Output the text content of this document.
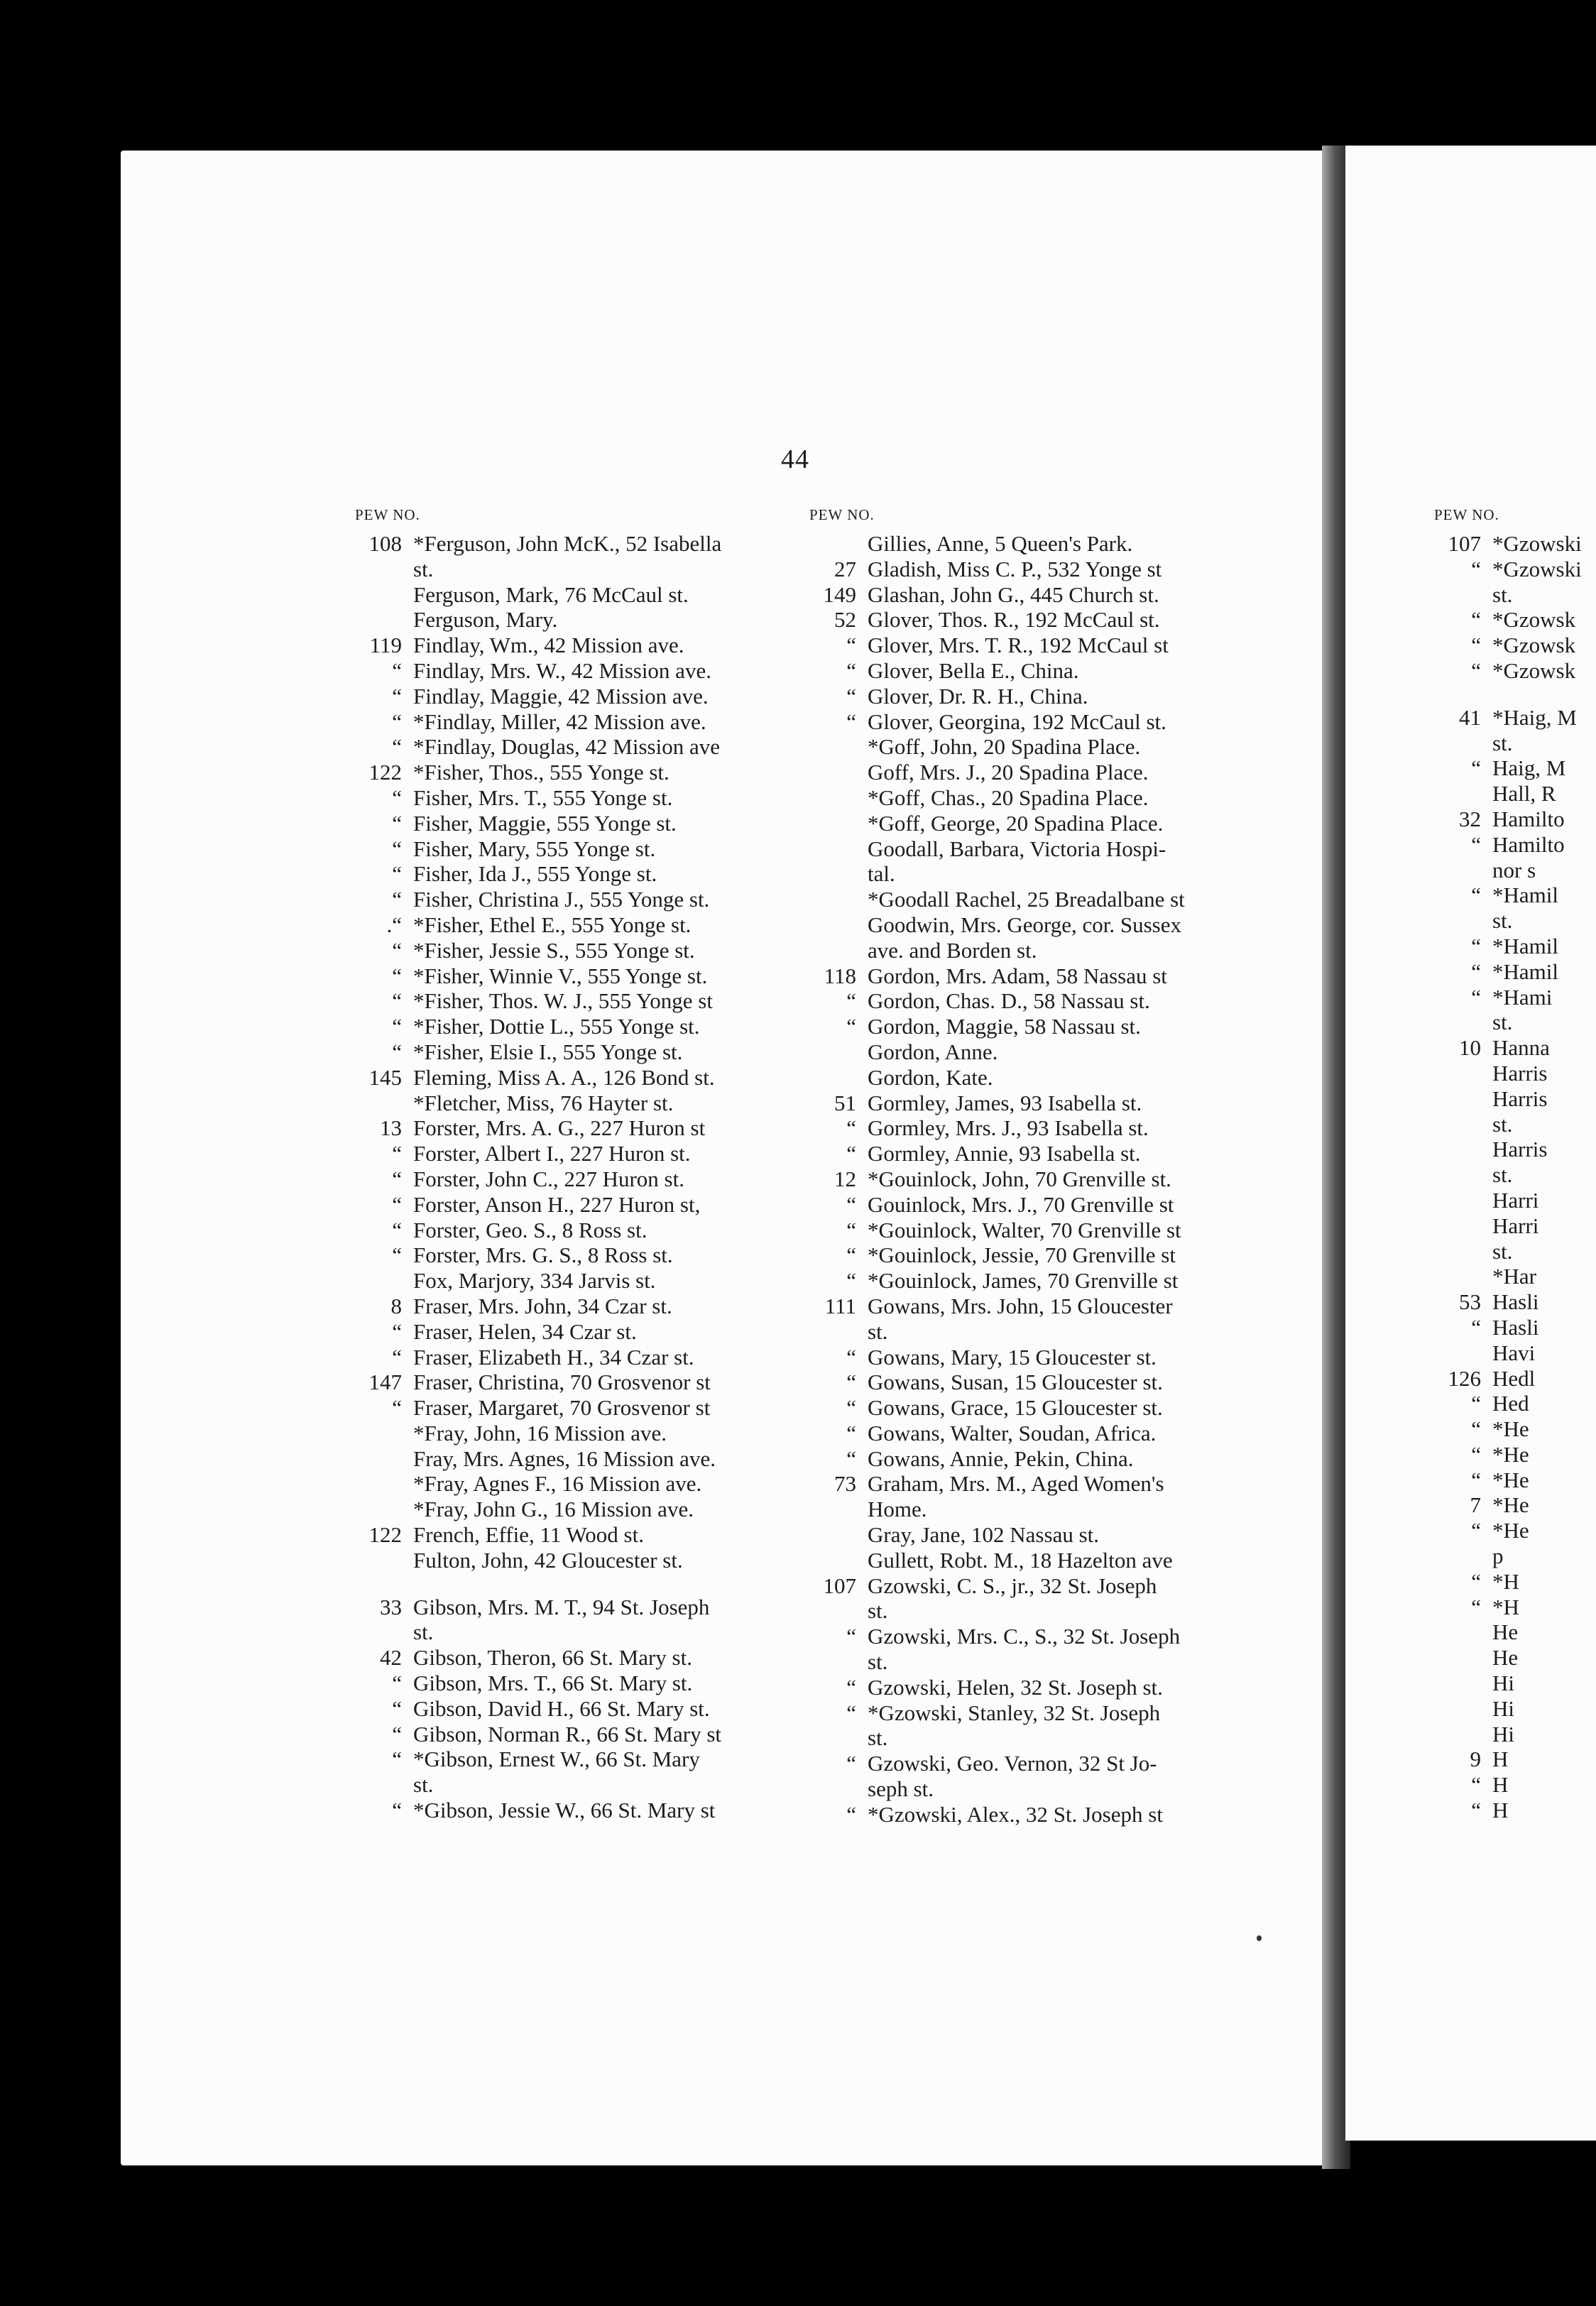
44
PEW NO.
108 *Ferguson, John McK., 52 Isabella
st.
Ferguson, Mark, 76 McCaul st.
Ferguson, Mary.
119 Findlay, Wm., 42 Mission ave.
“ Findlay, Mrs. W., 42 Mission ave.
“ Findlay, Maggie, 42 Mission ave.
“ *Findlay, Miller, 42 Mission ave.
“ *Findlay, Douglas, 42 Mission ave
122 *Fisher, Thos., 555 Yonge st.
“ Fisher, Mrs. T., 555 Yonge st.
“ Fisher, Maggie, 555 Yonge st.
“ Fisher, Mary, 555 Yonge st.
“ Fisher, Ida J., 555 Yonge st.
“ Fisher, Christina J., 555 Yonge st.
.“ *Fisher, Ethel E., 555 Yonge st.
“ *Fisher, Jessie S., 555 Yonge st.
“ *Fisher, Winnie V., 555 Yonge st.
“ *Fisher, Thos. W. J., 555 Yonge st
“ *Fisher, Dottie L., 555 Yonge st.
“ *Fisher, Elsie I., 555 Yonge st.
145 Fleming, Miss A. A., 126 Bond st.
*Fletcher, Miss, 76 Hayter st.
13 Forster, Mrs. A. G., 227 Huron st
“ Forster, Albert I., 227 Huron st.
“ Forster, John C., 227 Huron st.
“ Forster, Anson H., 227 Huron st,
“ Forster, Geo. S., 8 Ross st.
“ Forster, Mrs. G. S., 8 Ross st.
Fox, Marjory, 334 Jarvis st.
8 Fraser, Mrs. John, 34 Czar st.
“ Fraser, Helen, 34 Czar st.
“ Fraser, Elizabeth H., 34 Czar st.
147 Fraser, Christina, 70 Grosvenor st
“ Fraser, Margaret, 70 Grosvenor st
*Fray, John, 16 Mission ave.
Fray, Mrs. Agnes, 16 Mission ave.
*Fray, Agnes F., 16 Mission ave.
*Fray, John G., 16 Mission ave.
122 French, Effie, 11 Wood st.
Fulton, John, 42 Gloucester st.
33 Gibson, Mrs. M. T., 94 St. Joseph
st.
42 Gibson, Theron, 66 St. Mary st.
“ Gibson, Mrs. T., 66 St. Mary st.
“ Gibson, David H., 66 St. Mary st.
“ Gibson, Norman R., 66 St. Mary st
“ *Gibson, Ernest W., 66 St. Mary
st.
“ *Gibson, Jessie W., 66 St. Mary st
PEW NO.
Gillies, Anne, 5 Queen's Park.
27 Gladish, Miss C. P., 532 Yonge st
149 Glashan, John G., 445 Church st.
52 Glover, Thos. R., 192 McCaul st.
“ Glover, Mrs. T. R., 192 McCaul st
“ Glover, Bella E., China.
“ Glover, Dr. R. H., China.
“ Glover, Georgina, 192 McCaul st.
*Goff, John, 20 Spadina Place.
Goff, Mrs. J., 20 Spadina Place.
*Goff, Chas., 20 Spadina Place.
*Goff, George, 20 Spadina Place.
Goodall, Barbara, Victoria Hospi-
tal.
*Goodall Rachel, 25 Breadalbane st
Goodwin, Mrs. George, cor. Sussex
ave. and Borden st.
118 Gordon, Mrs. Adam, 58 Nassau st
“ Gordon, Chas. D., 58 Nassau st.
“ Gordon, Maggie, 58 Nassau st.
Gordon, Anne.
Gordon, Kate.
51 Gormley, James, 93 Isabella st.
“ Gormley, Mrs. J., 93 Isabella st.
“ Gormley, Annie, 93 Isabella st.
12 *Gouinlock, John, 70 Grenville st.
“ Gouinlock, Mrs. J., 70 Grenville st
“ *Gouinlock, Walter, 70 Grenville st
“ *Gouinlock, Jessie, 70 Grenville st
“ *Gouinlock, James, 70 Grenville st
111 Gowans, Mrs. John, 15 Gloucester
st.
“ Gowans, Mary, 15 Gloucester st.
“ Gowans, Susan, 15 Gloucester st.
“ Gowans, Grace, 15 Gloucester st.
“ Gowans, Walter, Soudan, Africa.
“ Gowans, Annie, Pekin, China.
73 Graham, Mrs. M., Aged Women's
Home.
Gray, Jane, 102 Nassau st.
Gullett, Robt. M., 18 Hazelton ave
107 Gzowski, C. S., jr., 32 St. Joseph
st.
“ Gzowski, Mrs. C., S., 32 St. Joseph
st.
“ Gzowski, Helen, 32 St. Joseph st.
“ *Gzowski, Stanley, 32 St. Joseph
st.
“ Gzowski, Geo. Vernon, 32 St Jo-
seph st.
“ *Gzowski, Alex., 32 St. Joseph st
PEW NO.
107 *Gzowski
“ *Gzowski
st.
“ *Gzowsk
“ *Gzowsk
“ *Gzowsk
41 *Haig, M
st.
“ Haig, M
Hall, R
32 Hamilto
“ Hamilto
nor s
“ *Hamil
st.
“ *Hamil
“ *Hamil
“ *Hami
st.
10 Hanna
Harris
Harris
st.
Harris
st.
Harri
Harri
st.
*Har
53 Hasli
“ Hasli
Havi
126 Hedl
“ Hed
“ *He
“ *He
“ *He
7 *He
“ *He
p
“ *H
“ *H
He
He
Hi
Hi
Hi
9 H
“ H
“ H
